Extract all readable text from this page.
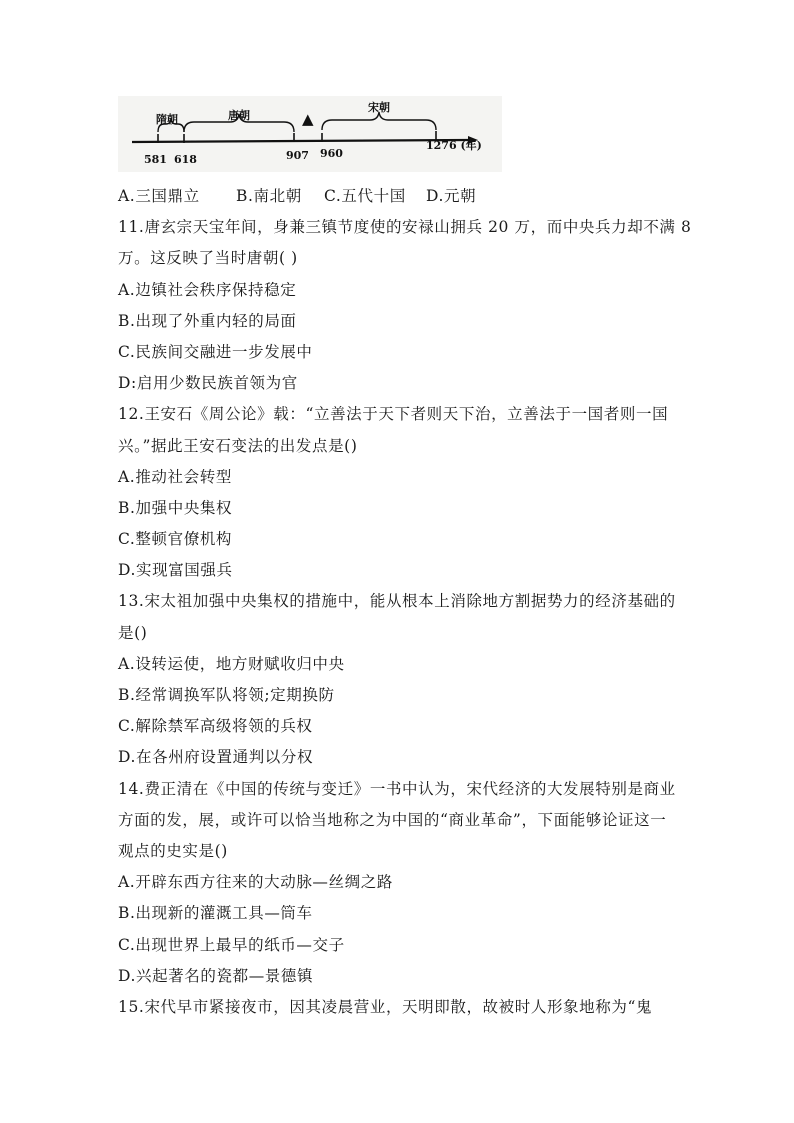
▲
隋朝	唐朝
宋朝
581 618	907 960
1276 (年)
A.三国鼎立	B.南北朝	C.五代十国	D.元朝
11.唐玄宗天宝年间，身兼三镇节度使的安禄山拥兵 20 万，而中央兵力却不满 8
万。这反映了当时唐朝( )
A.边镇社会秩序保持稳定
B.出现了外重内轻的局面
C.民族间交融进一步发展中
D:启用少数民族首领为官
12.王安石《周公论》载：“立善法于天下者则天下治，立善法于一国者则一国
兴。”据此王安石变法的出发点是()
A.推动社会转型
B.加强中央集权
C.整顿官僚机构
D.实现富国强兵
13.宋太祖加强中央集权的措施中，能从根本上消除地方割据势力的经济基础的
是()
A.设转运使，地方财赋收归中央
B.经常调换军队将领;定期换防
C.解除禁军高级将领的兵权
D.在各州府设置通判以分权
14.费正清在《中国的传统与变迁》一书中认为，宋代经济的大发展特别是商业
方面的发，展，或许可以恰当地称之为中国的“商业革命”，下面能够论证这一
观点的史实是()
A.开辟东西方往来的大动脉—丝绸之路
B.出现新的灌溉工具—筒车
C.出现世界上最早的纸币—交子
D.兴起著名的瓷都—景德镇
15.宋代早市紧接夜市，因其凌晨营业，天明即散，故被时人形象地称为“鬼
